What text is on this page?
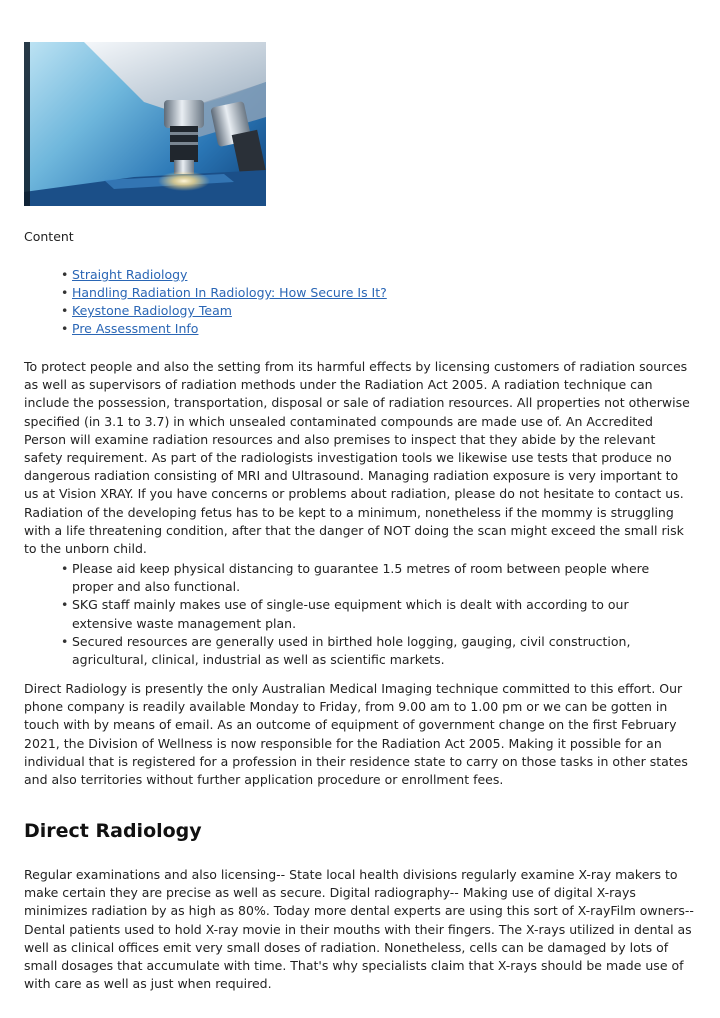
Content
• Straight Radiology
• Handling Radiation In Radiology: How Secure Is It?
• Keystone Radiology Team
• Pre Assessment Info

To protect people and also the setting from its harmful effects by licensing customers of radiation sources as well as supervisors of radiation methods under the Radiation Act 2005. A radiation technique can include the possession, transportation, disposal or sale of radiation resources. All properties not otherwise specified (in 3.1 to 3.7) in which unsealed contaminated compounds are made use of. An Accredited Person will examine radiation resources and also premises to inspect that they abide by the relevant safety requirement. As part of the radiologists investigation tools we likewise use tests that produce no dangerous radiation consisting of MRI and Ultrasound. Managing radiation exposure is very important to us at Vision XRAY. If you have concerns or problems about radiation, please do not hesitate to contact us. Radiation of the developing fetus has to be kept to a minimum, nonetheless if the mommy is struggling with a life threatening condition, after that the danger of NOT doing the scan might exceed the small risk to the unborn child.

• Please aid keep physical distancing to guarantee 1.5 metres of room between people where proper and also functional.
• SKG staff mainly makes use of single-use equipment which is dealt with according to our extensive waste management plan.
• Secured resources are generally used in birthed hole logging, gauging, civil construction, agricultural, clinical, industrial as well as scientific markets.

Direct Radiology is presently the only Australian Medical Imaging technique committed to this effort. Our phone company is readily available Monday to Friday, from 9.00 am to 1.00 pm or we can be gotten in touch with by means of email. As an outcome of equipment of government change on the first February 2021, the Division of Wellness is now responsible for the Radiation Act 2005. Making it possible for an individual that is registered for a profession in their residence state to carry on those tasks in other states and also territories without further application procedure or enrollment fees.

Direct Radiology

Regular examinations and also licensing-- State local health divisions regularly examine X-ray makers to make certain they are precise as well as secure. Digital radiography-- Making use of digital X-rays minimizes radiation by as high as 80%. Today more dental experts are using this sort of X-rayFilm owners-- Dental patients used to hold X-ray movie in their mouths with their fingers. The X-rays utilized in dental as well as clinical offices emit very small doses of radiation. Nonetheless, cells can be damaged by lots of small dosages that accumulate with time. That's why specialists claim that X-rays should be made use of with care as well as just when required.
